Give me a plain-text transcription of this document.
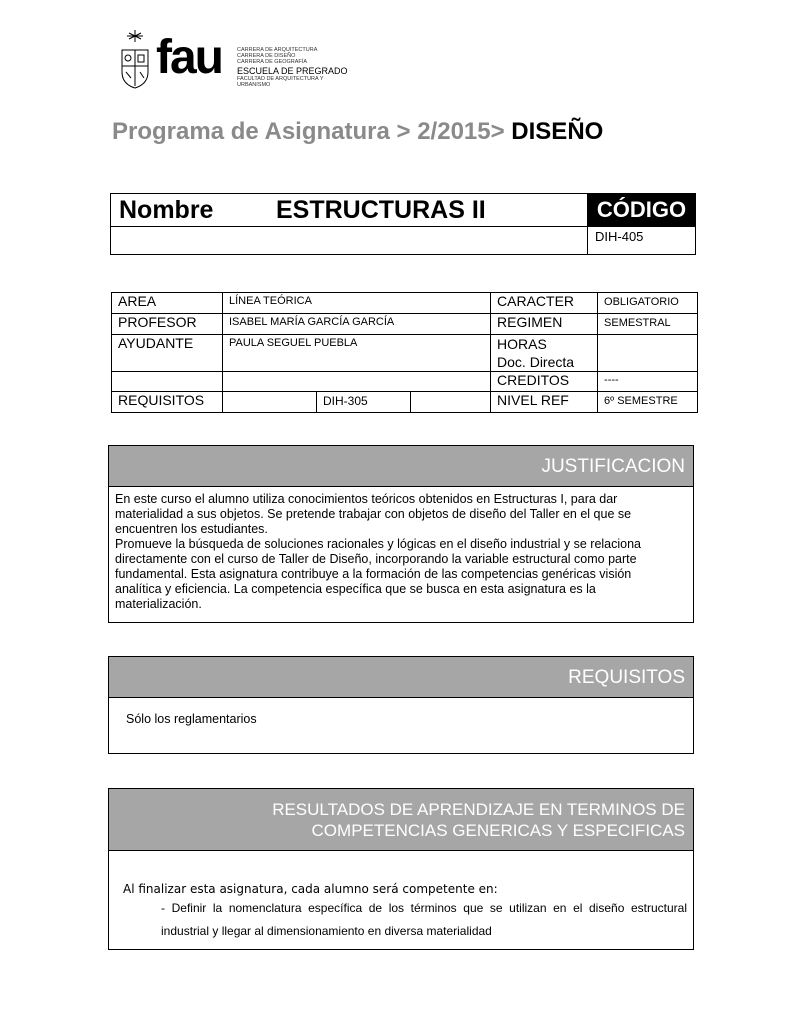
fau	CARRERA DE ARQUITECTURA
CARRERA DE DISEÑO
CARRERA DE GEOGRAFÍA
ESCUELA DE PREGRADO
FACULTAD DE ARQUITECTURA Y URBANISMO
Programa de Asignatura > 2/2015> DISEÑO
Nombre	ESTRUCTURAS II	CÓDIGO
DIH-405
AREA	LÍNEA TEÓRICA			CARACTER	OBLIGATORIO
PROFESOR	ISABEL MARÍA GARCÍA GARCÍA			REGIMEN	SEMESTRAL
AYUDANTE	PAULA SEGUEL PUEBLA			HORAS
Doc. Directa	

				CREDITOS	----
REQUISITOS		DIH-305		NIVEL REF	6º SEMESTRE
JUSTIFICACION
En este curso el alumno utiliza conocimientos teóricos obtenidos en Estructuras I, para dar
materialidad a sus objetos. Se pretende trabajar con objetos de diseño del Taller en el que se
encuentren los estudiantes.
Promueve la búsqueda de soluciones racionales y lógicas en el diseño industrial y se relaciona
directamente con el curso de Taller de Diseño, incorporando la variable estructural como parte
fundamental. Esta asignatura contribuye a la formación de las competencias genéricas visión
analítica y eficiencia. La competencia específica que se busca en esta asignatura es la
materialización.
REQUISITOS
Sólo los reglamentarios
RESULTADOS DE APRENDIZAJE EN TERMINOS DE
COMPETENCIAS GENERICAS Y ESPECIFICAS
Al finalizar esta asignatura, cada alumno será competente en:
- Definir la nomenclatura específica de los términos que se utilizan en el diseño estructural industrial y llegar al dimensionamiento en diversa materialidad
